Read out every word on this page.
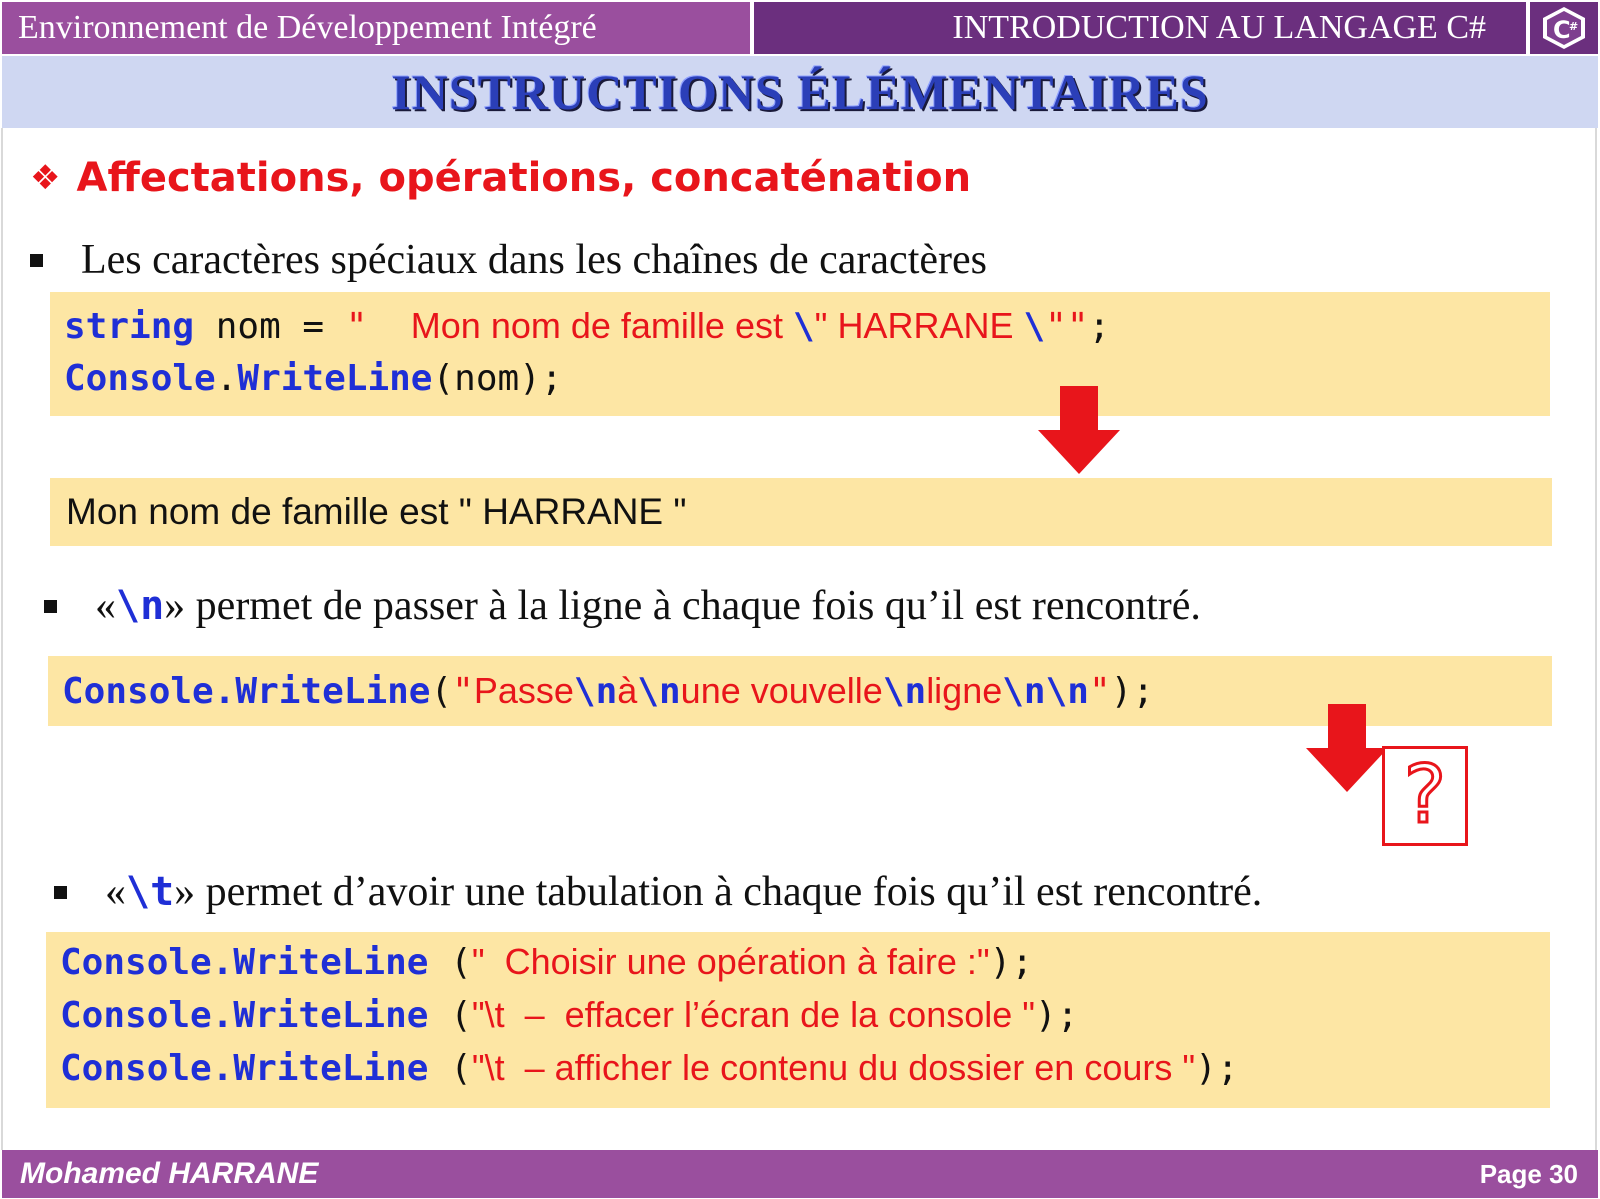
Environnement de Développement Intégré	INTRODUCTION AU LANGAGE C#	C
#
INSTRUCTIONS ÉLÉMENTAIRES
❖ Affectations, opérations, concaténation
Les caractères spéciaux dans les chaînes de caractères
string nom = "  Mon nom de famille est \" HARRANE \"";
Console.WriteLine(nom);
Mon nom de famille est " HARRANE "
« \n » permet de passer à la ligne à chaque fois qu’il est rencontré.
Console.WriteLine("Passe\nà\nune vouvelle\nligne\n\n");
?
« \t » permet d’avoir une tabulation à chaque fois qu’il est rencontré.
Console.WriteLine ("  Choisir une opération à faire :");
Console.WriteLine ("\t  –  effacer l’écran de la console ");
Console.WriteLine ("\t  – afficher le contenu du dossier en cours ");
Mohamed HARRANE	Page 30
